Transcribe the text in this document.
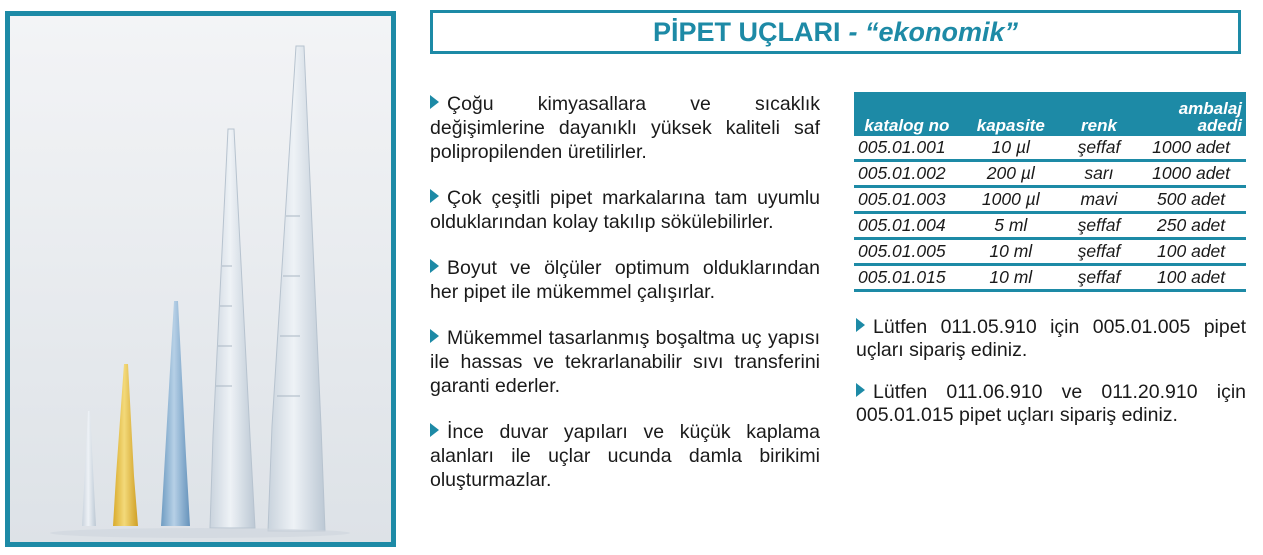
PİPET UÇLARI - “ekonomik”

Çoğu kimyasallara ve sıcaklık değişimlerine dayanıklı yüksek kaliteli saf polipropilenden üretilirler.

Çok çeşitli pipet markalarına tam uyumlu olduklarından kolay takılıp sökülebilirler.

Boyut ve ölçüler optimum olduklarından her pipet ile mükemmel çalışırlar.

Mükemmel tasarlanmış boşaltma uç yapısı ile hassas ve tekrarlanabilir sıvı transferini garanti ederler.

İnce duvar yapıları ve küçük kaplama alanları ile uçlar ucunda damla birikimi oluşturmazlar.

katalog no	kapasite	renk	ambalaj adedi
005.01.001	10 µl	şeffaf	1000 adet
005.01.002	200 µl	sarı	1000 adet
005.01.003	1000 µl	mavi	500 adet
005.01.004	5 ml	şeffaf	250 adet
005.01.005	10 ml	şeffaf	100 adet
005.01.015	10 ml	şeffaf	100 adet

Lütfen 011.05.910 için 005.01.005 pipet uçları sipariş ediniz.

Lütfen 011.06.910 ve 011.20.910 için 005.01.015 pipet uçları sipariş ediniz.
